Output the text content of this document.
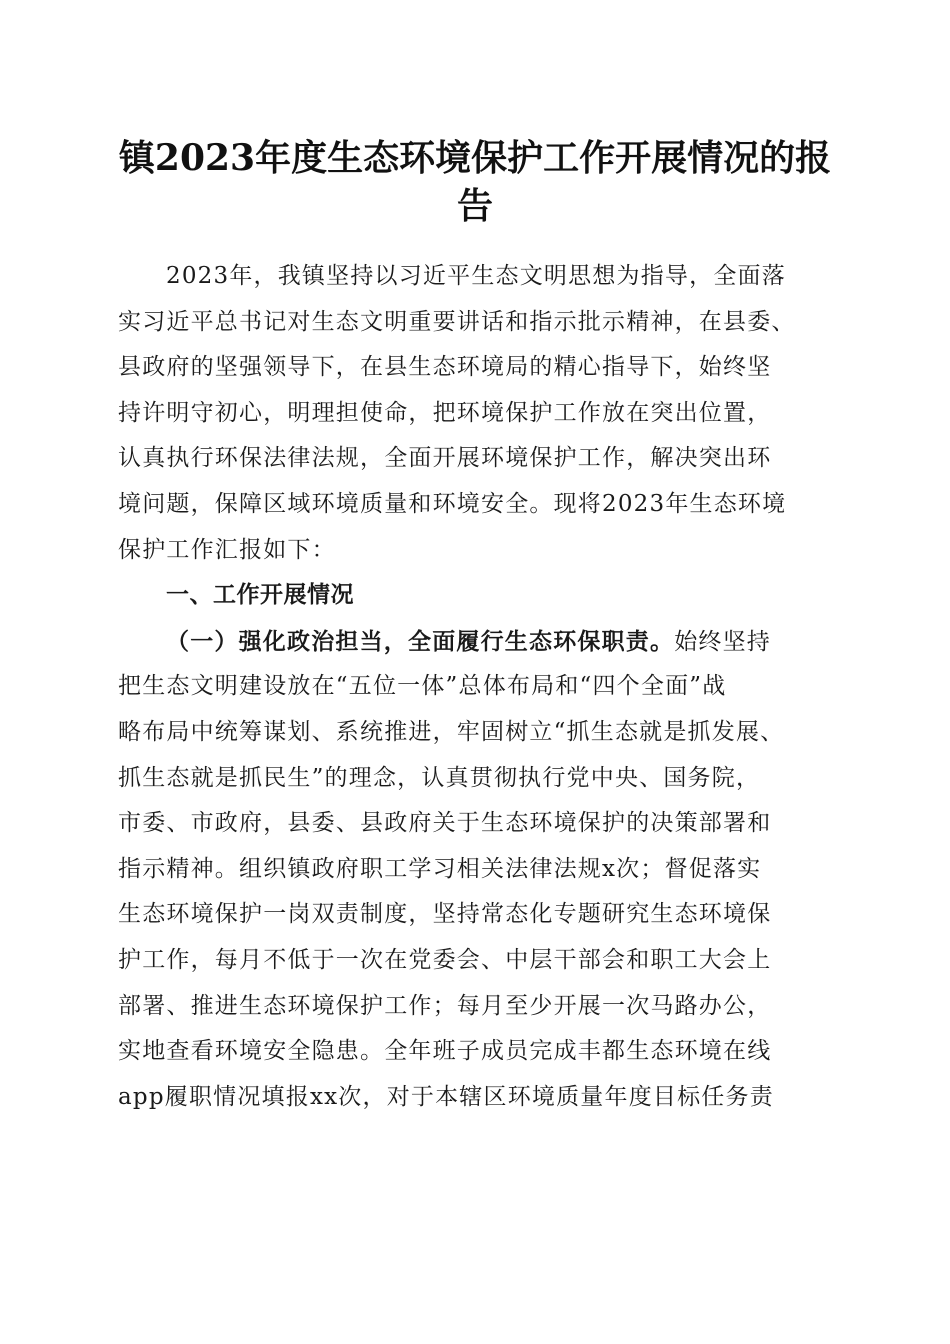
镇2023年度生态环境保护工作开展情况的报
告
2023年，我镇坚持以习近平生态文明思想为指导，全面落
实习近平总书记对生态文明重要讲话和指示批示精神，在县委、
县政府的坚强领导下，在县生态环境局的精心指导下，始终坚
持许明守初心，明理担使命，把环境保护工作放在突出位置，
认真执行环保法律法规，全面开展环境保护工作，解决突出环
境问题，保障区域环境质量和环境安全。现将2023年生态环境
保护工作汇报如下：
一、工作开展情况
（一）强化政治担当，全面履行生态环保职责。始终坚持
把生态文明建设放在“五位一体”总体布局和“四个全面”战
略布局中统筹谋划、系统推进，牢固树立“抓生态就是抓发展、
抓生态就是抓民生”的理念，认真贯彻执行党中央、国务院，
市委、市政府，县委、县政府关于生态环境保护的决策部署和
指示精神。组织镇政府职工学习相关法律法规x次；督促落实
生态环境保护一岗双责制度，坚持常态化专题研究生态环境保
护工作，每月不低于一次在党委会、中层干部会和职工大会上
部署、推进生态环境保护工作；每月至少开展一次马路办公，
实地查看环境安全隐患。全年班子成员完成丰都生态环境在线
app履职情况填报xx次，对于本辖区环境质量年度目标任务责
